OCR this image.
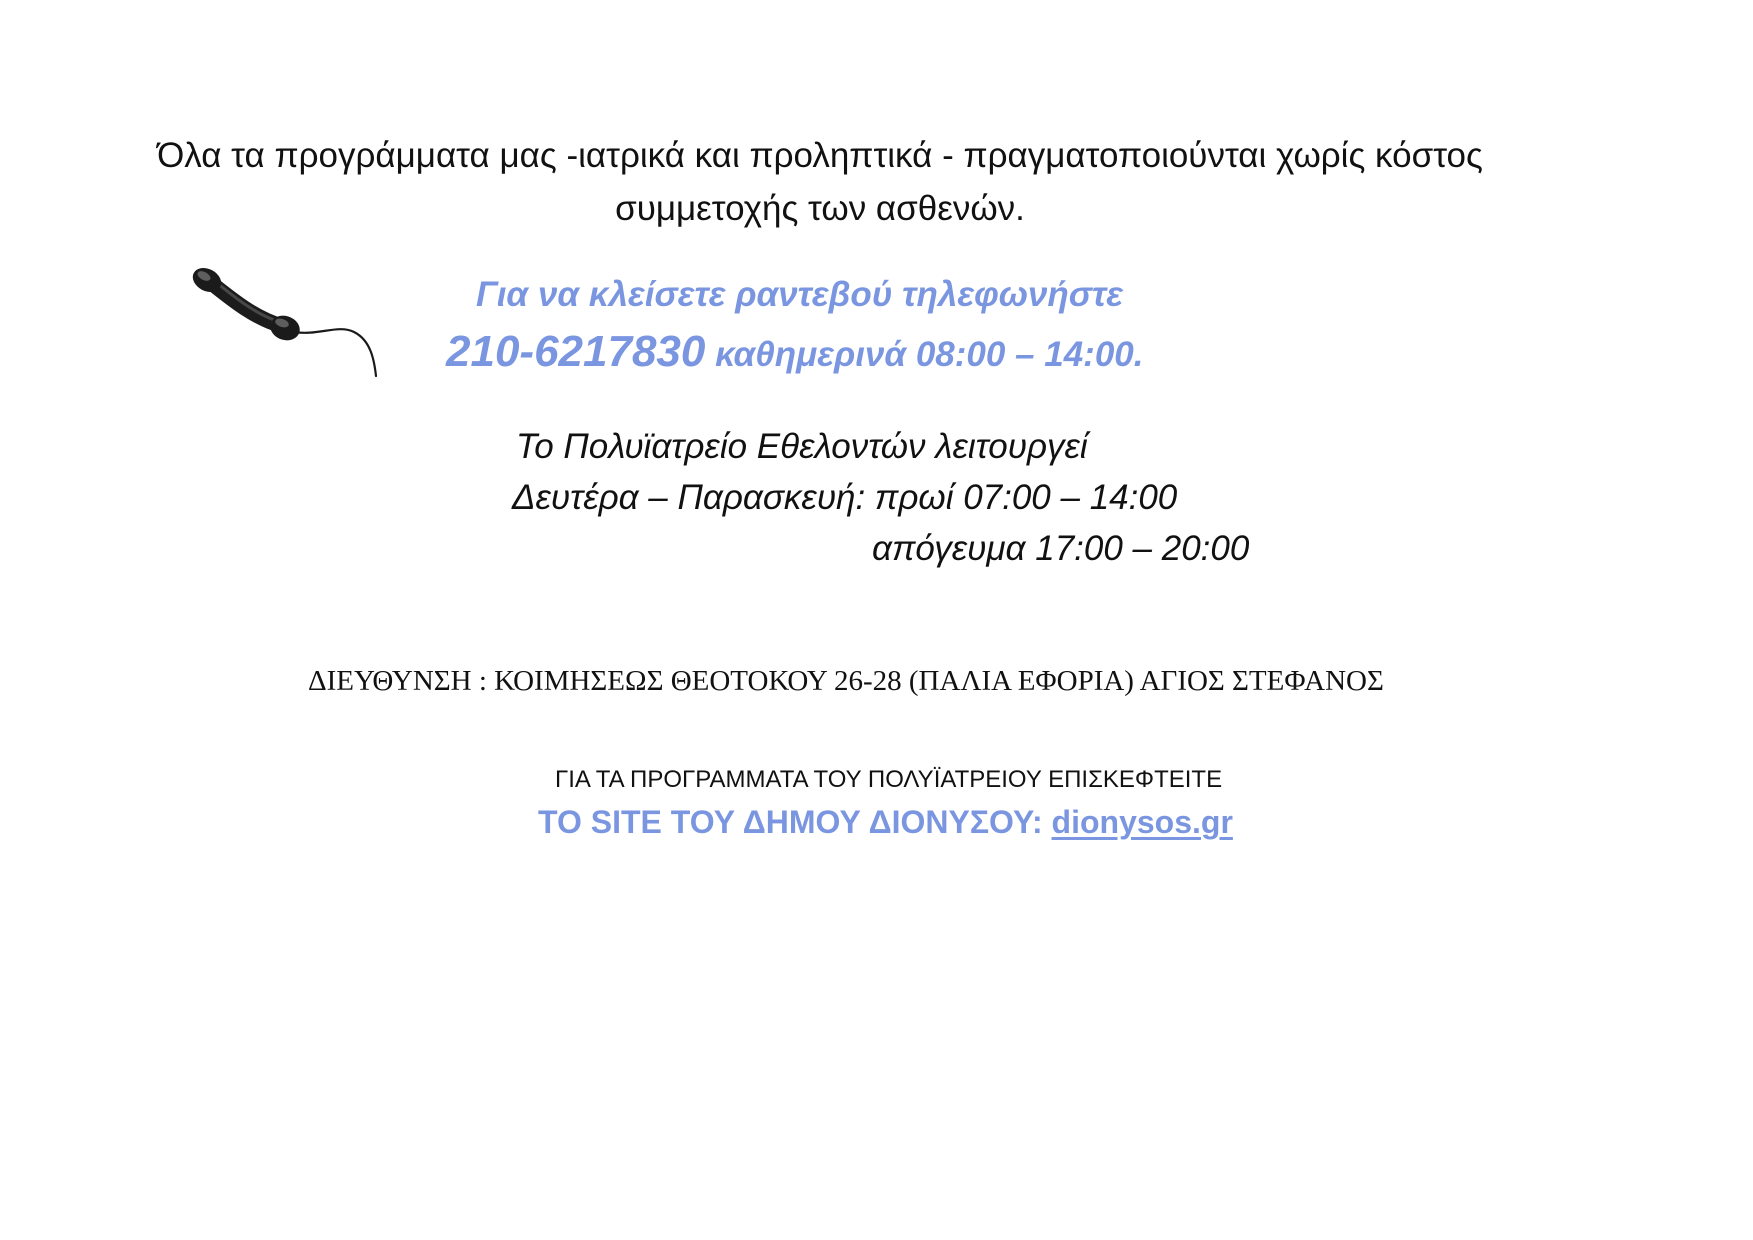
Όλα τα προγράμματα μας -ιατρικά και προληπτικά - πραγματοποιούνται χωρίς κόστος
συμμετοχής των ασθενών.
Για να κλείσετε ραντεβού τηλεφωνήστε
210-6217830 καθημερινά 08:00 – 14:00.
Το Πολυϊατρείο Εθελοντών λειτουργεί
Δευτέρα – Παρασκευή: πρωί 07:00 – 14:00
απόγευμα 17:00 – 20:00
ΔΙΕΥΘΥΝΣΗ : ΚΟΙΜΗΣΕΩΣ ΘΕΟΤΟΚΟΥ 26-28 (ΠΑΛΙΑ ΕΦΟΡΙΑ) ΑΓΙΟΣ ΣΤΕΦΑΝΟΣ
ΓΙΑ ΤΑ ΠΡΟΓΡΑΜΜΑΤΑ ΤΟΥ ΠΟΛΥΪΑΤΡΕΙΟΥ ΕΠΙΣΚΕΦΤΕΙΤΕ
ΤΟ SITE ΤΟΥ ΔΗΜΟΥ ΔΙΟΝΥΣΟΥ: dionysos.gr
